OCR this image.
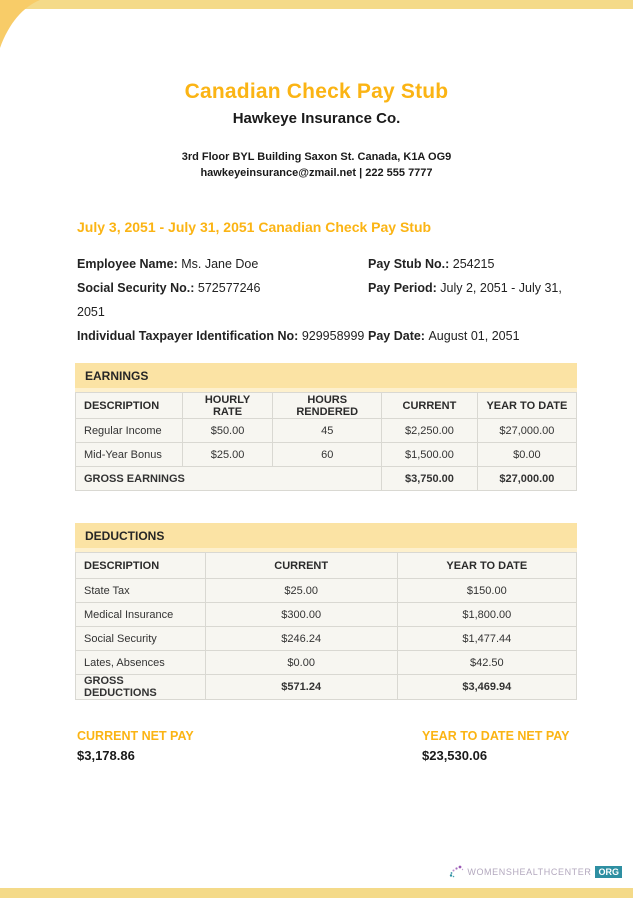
Canadian Check Pay Stub
Hawkeye Insurance Co.
3rd Floor BYL Building Saxon St. Canada, K1A OG9
hawkeyeinsurance@zmail.net | 222 555 7777
July 3, 2051 - July 31, 2051 Canadian Check Pay Stub
Employee Name: Ms. Jane Doe	Pay Stub No.: 254215
Social Security No.: 572577246	Pay Period: July 2, 2051 - July 31,
2051
Individual Taxpayer Identification No: 929958999 Pay Date: August 01, 2051
EARNINGS
DESCRIPTION	HOURLY RATE	HOURS RENDERED	CURRENT	YEAR TO DATE
Regular Income	$50.00	45	$2,250.00	$27,000.00
Mid-Year Bonus	$25.00	60	$1,500.00	$0.00
GROSS EARNINGS			$3,750.00	$27,000.00
DEDUCTIONS
DESCRIPTION	CURRENT	YEAR TO DATE
State Tax	$25.00	$150.00
Medical Insurance	$300.00	$1,800.00
Social Security	$246.24	$1,477.44
Lates, Absences	$0.00	$42.50
GROSS DEDUCTIONS	$571.24	$3,469.94
CURRENT NET PAY
$3,178.86
YEAR TO DATE NET PAY
$23,530.06
WOMENSHEALTHCENTER ORG
